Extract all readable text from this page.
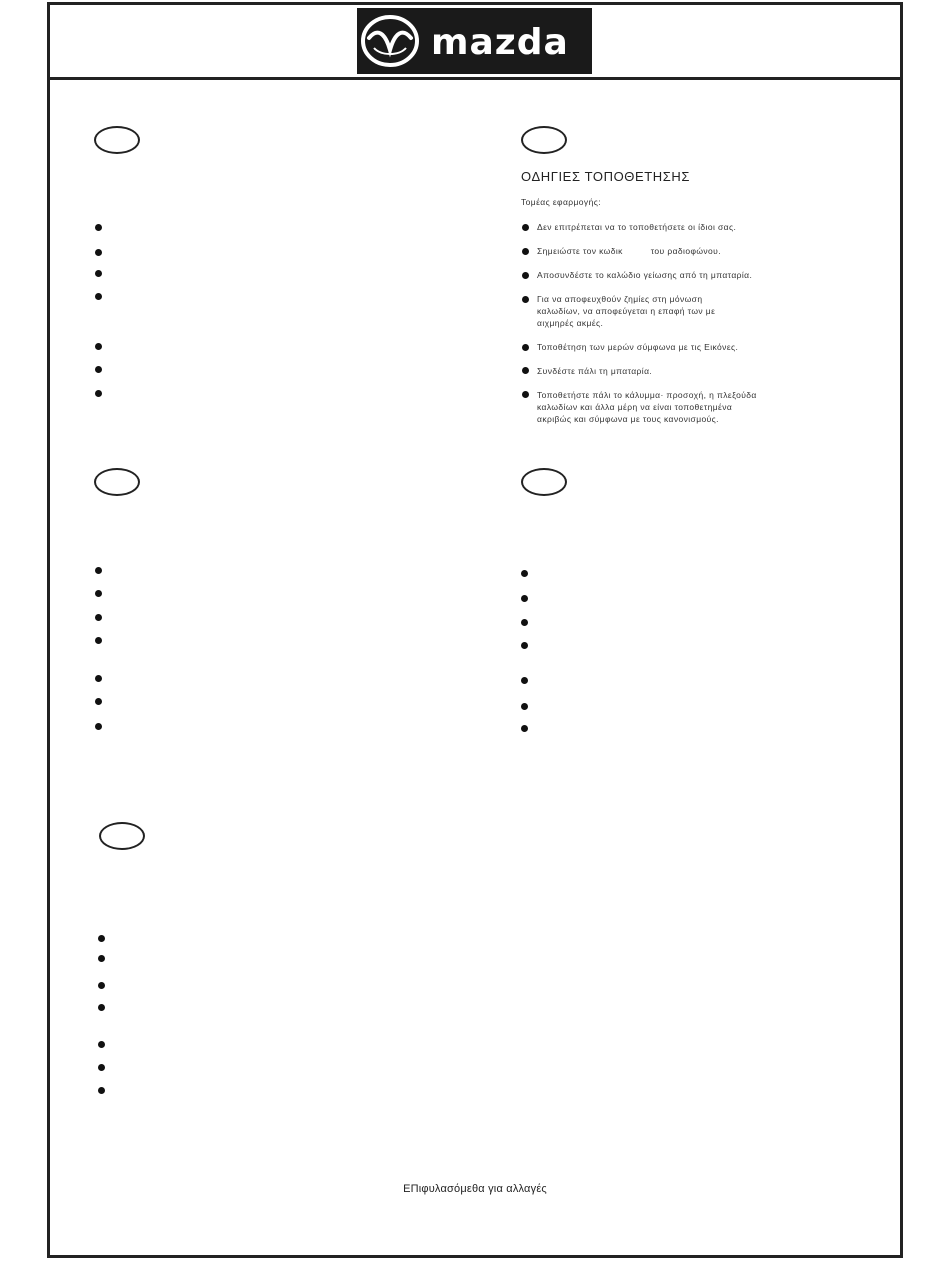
mazda
ΟΔΗΓΙΕΣ ΤΟΠΟΘΕΤΗΣΗΣ
Τομέας εφαρμογής:
Δεν επιτρέπεται να το τοποθετήσετε οι ίδιοι σας.
Σημειώστε τον κωδικ	του ραδιοφώνου.
Αποσυνδέστε το καλώδιο γείωσης από τη μπαταρία.
Για να αποφευχθούν ζημίες στη μόνωση
καλωδίων, να αποφεύγεται η επαφή των με
αιχμηρές ακμές.
Τοποθέτηση των μερών σύμφωνα με τις Εικόνες.
Συνδέστε πάλι τη μπαταρία.
Τοποθετήστε πάλι το κάλυμμα· προσοχή, η πλεξούδα
καλωδίων και άλλα μέρη να είναι τοποθετημένα
ακριβώς και σύμφωνα με τους κανονισμούς.
ΕΠιφυλασόμεθα για αλλαγές
